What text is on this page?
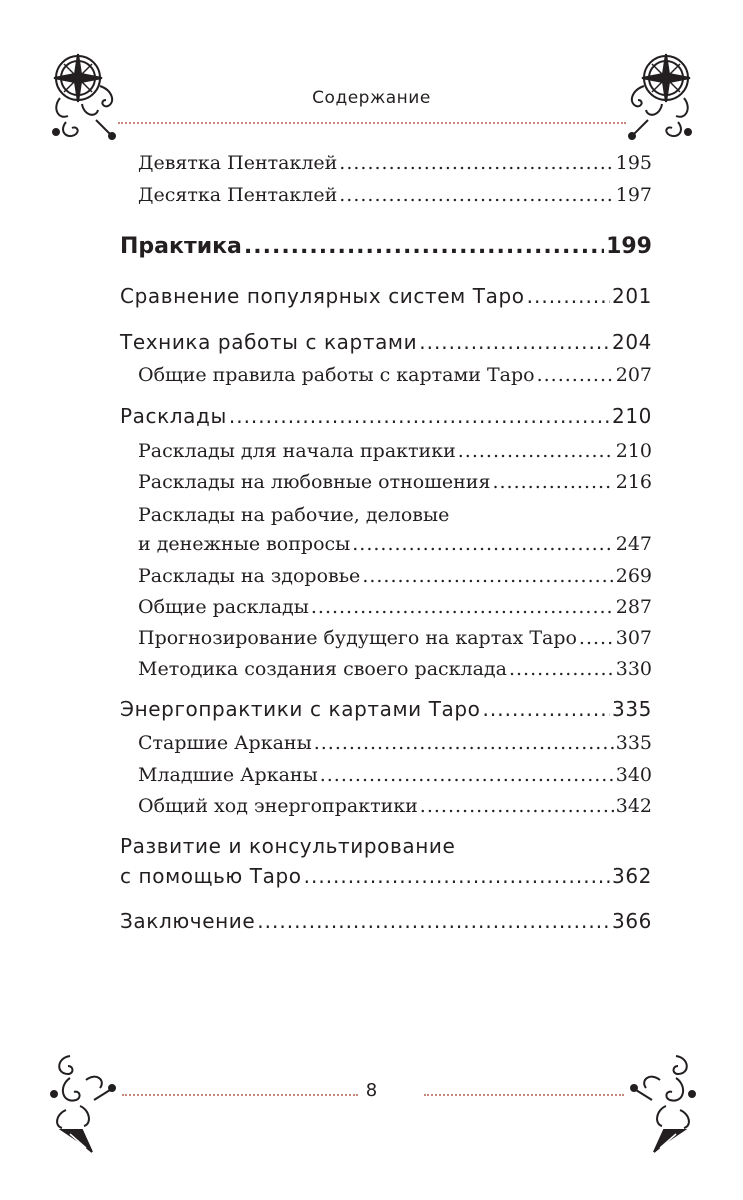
Содержание
Девятка Пентаклей .....	195
Десятка Пентаклей .....	197
Практика .....	199
Сравнение популярных систем Таро .....	201
Техника работы с картами .....	204
Общие правила работы с картами Таро .....	207
Расклады .....	210
Расклады для начала практики .....	210
Расклады на любовные отношения .....	216
Расклады на рабочие, деловые
и денежные вопросы .....	247
Расклады на здоровье .....	269
Общие расклады .....	287
Прогнозирование будущего на картах Таро ..... 307
Методика создания своего расклада .....	330
Энергопрактики с картами Таро .....	335
Старшие Арканы .....	335
Младшие Арканы .....	340
Общий ход энергопрактики .....	342
Развитие и консультирование
с помощью Таро .....	362
Заключение .....	366
8
